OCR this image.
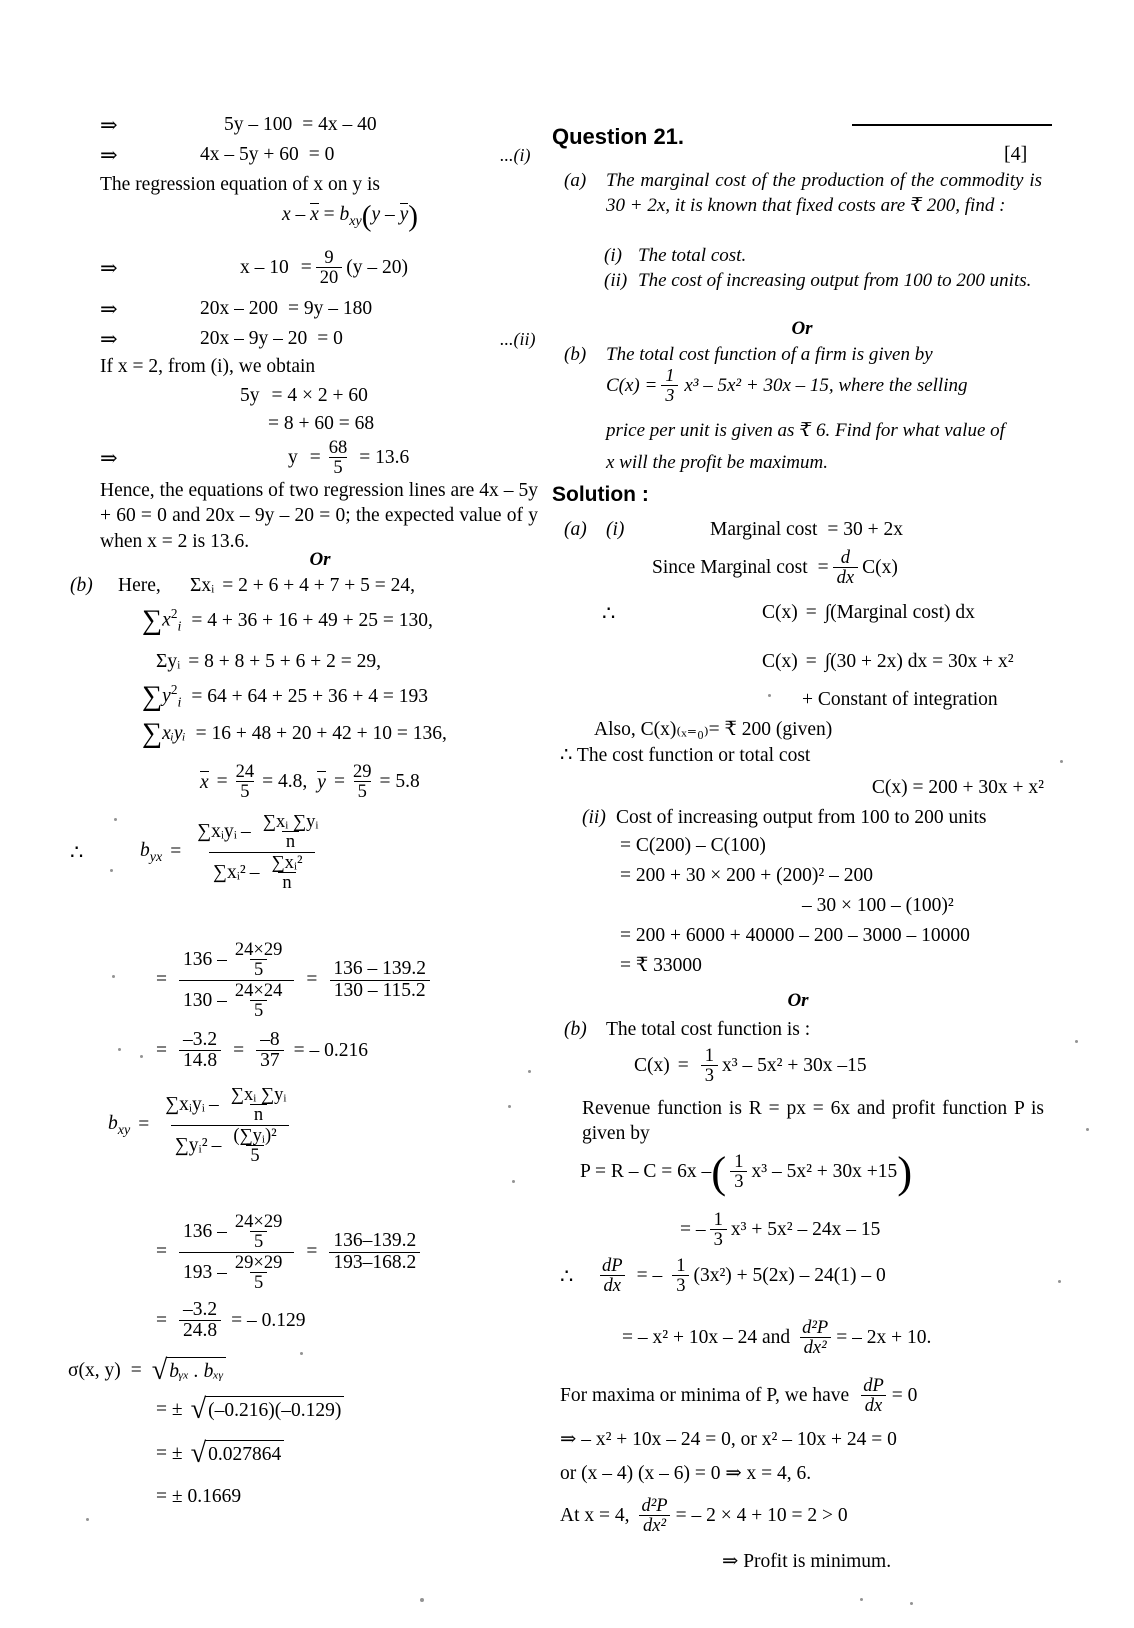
⇒	5y – 100 = 4x – 40
⇒	4x – 5y + 60 = 0	...(i)
The regression equation of x on y is
$x - x = b_{xy}(y - y)$
⇒	$x - 10 = \frac{9}{20} (y - 20)$
⇒	20x – 200 = 9y – 180
⇒	20x – 9y – 20 = 0	...(ii)
If x = 2, from (i), we obtain
5y = 4 × 2 + 60
= 8 + 60 = 68
⇒	$y = \frac{68}{5} = 13.6$
Hence, the equations of two regression lines are 4x – 5y + 60 = 0 and 20x – 9y – 20 = 0; the expected value of y when x = 2 is 13.6.
Or
(b)	Here,	Σxᵢ = 2 + 6 + 4 + 7 + 5 = 24,
∑ $x^2_i = 4 + 36 + 16 + 49 + 25 = 130$,
Σyᵢ = 8 + 8 + 5 + 6 + 2 = 29,
∑ $y^2_i = 64 + 64 + 25 + 36 + 4 = 193$
∑ xᵢyᵢ = 16 + 48 + 20 + 42 + 10 = 136,
$x = \frac{24}{5} = 4.8$, $y = \frac{29}{5} = 5.8$
∴	$b_{yx}$ =
∑xᵢyᵢ – $\frac{\text{∑xᵢ ∑yᵢ}}{n}$
∑xᵢ² – $\frac{\text{∑xᵢ²}}{n}$
= $\frac{136 - \frac{24\times 29}{5}}{130 - \frac{24\times 24}{5}} = \frac{136 - 139.2}{130 - 115.2}$
= $\frac{-3.2}{14.8} = \frac{-8}{37}$ = – 0.216
$b_{xy}$ =
∑xᵢyᵢ – $\frac{\text{∑xᵢ ∑yᵢ}}{n}$
∑yᵢ² – $\frac{\text{(∑yᵢ)²}}{5}$
= $\frac{136 - \frac{24\times 29}{5}}{193 - \frac{29\times 29}{5}} = \frac{136-139.2}{193-168.2}$
= $\frac{-3.2}{24.8}$ = – 0.129
σ(x, y) = √ bᵧₓ . bₓᵧ
= ± √ (–0.216)(–0.129)
= ± √ 0.027864
= ± 0.1669
Question 21.
[4]
(a)	The marginal cost of the production of the commodity is 30 + 2x, it is known that fixed costs are ₹ 200, find :
(i) The total cost.
(ii) The cost of increasing output from 100 to 200 units.
Or
(b)	The total cost function of a firm is given by
$C(x) = \frac{1}{3} x^3 - 5x^2 + 30x - 15$, where the selling
price per unit is given as ₹ 6. Find for what value of
x will the profit be maximum.
Solution :
(a) (i)	Marginal cost = 30 + 2x
Since Marginal $\cos t = \frac{d}{dx} C(x)$
∴	C(x) = ∫(Marginal cost) dx
C(x) = ∫(30 + 2x) dx = 30x + x²
+ Constant of integration
Also, C(x)₍ₓ₌₀₎= ₹ 200 (given)
∴ The cost function or total cost
C(x) = 200 + 30x + x²
(ii) Cost of increasing output from 100 to 200 units
= C(200) – C(100)
= 200 + 30 × 200 + (200)² – 200
– 30 × 100 – (100)²
= 200 + 6000 + 40000 – 200 – 3000 – 10000
= ₹ 33000
Or
(b) The total cost function is :
$C(x) = \frac{1}{3} x^3 - 5x^2 + 30x$ –15
Revenue function is R = px = 6x and profit function P is given by
P = R – C = 6x – ( $\frac{1}{3} x^3 - 5x^2 + 30x +15$ )
= – $\frac{1}{3} x^3 + 5x^2 - 24x - 15$
∴	$\frac{dP}{dx}$ = – $\frac{1}{3} (3x^2) + 5(2x) - 24(1) - 0$
= – x² + 10x – 24 and $\frac{\text{d²P}}{\text{dx²}}$ = – 2x + 10.
For maxima or minima of P, we have $\frac{dP}{dx} = 0$
⇒ – x² + 10x – 24 = 0, or x² – 10x + 24 = 0
or (x – 4) (x – 6) = 0 ⇒ x = 4, 6.
At x = 4, $\frac{\text{d²P}}{\text{dx²}}$ = – 2 × 4 + 10 = 2 > 0
⇒ Profit is minimum.
